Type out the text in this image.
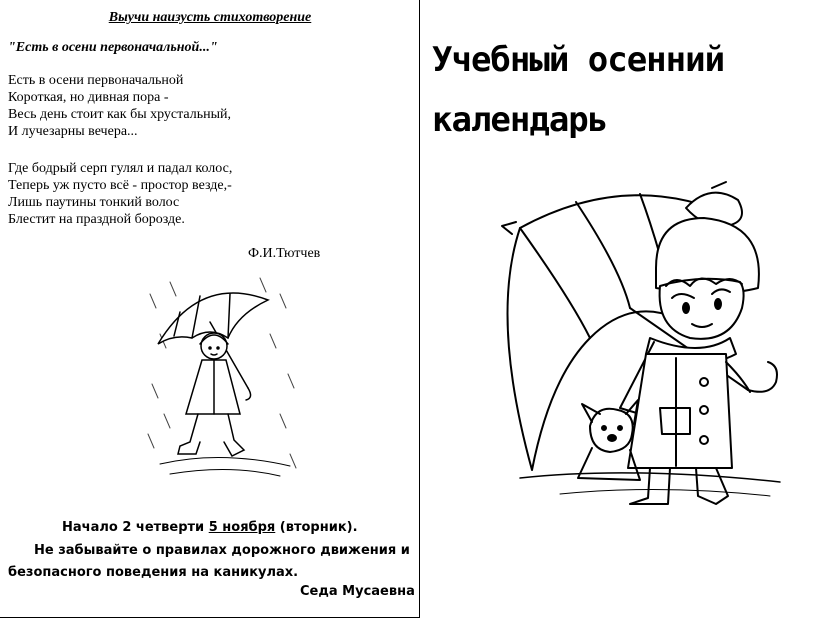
Выучи наизусть стихотворение
"Есть в осени первоначальной..."
Есть в осени первоначальной
Короткая, но дивная пора -
Весь день стоит как бы хрустальный,
И лучезарны вечера...
Где бодрый серп гулял и падал колос,
Теперь уж пусто всё - простор везде,-
Лишь паутины тонкий волос
Блестит на праздной борозде.
Ф.И.Тютчев
Начало 2 четверти 5 ноября (вторник).
Не забывайте о правилах дорожного движения и
безопасного поведения на каникулах.
Седа Мусаевна
Учебный осенний
календарь
